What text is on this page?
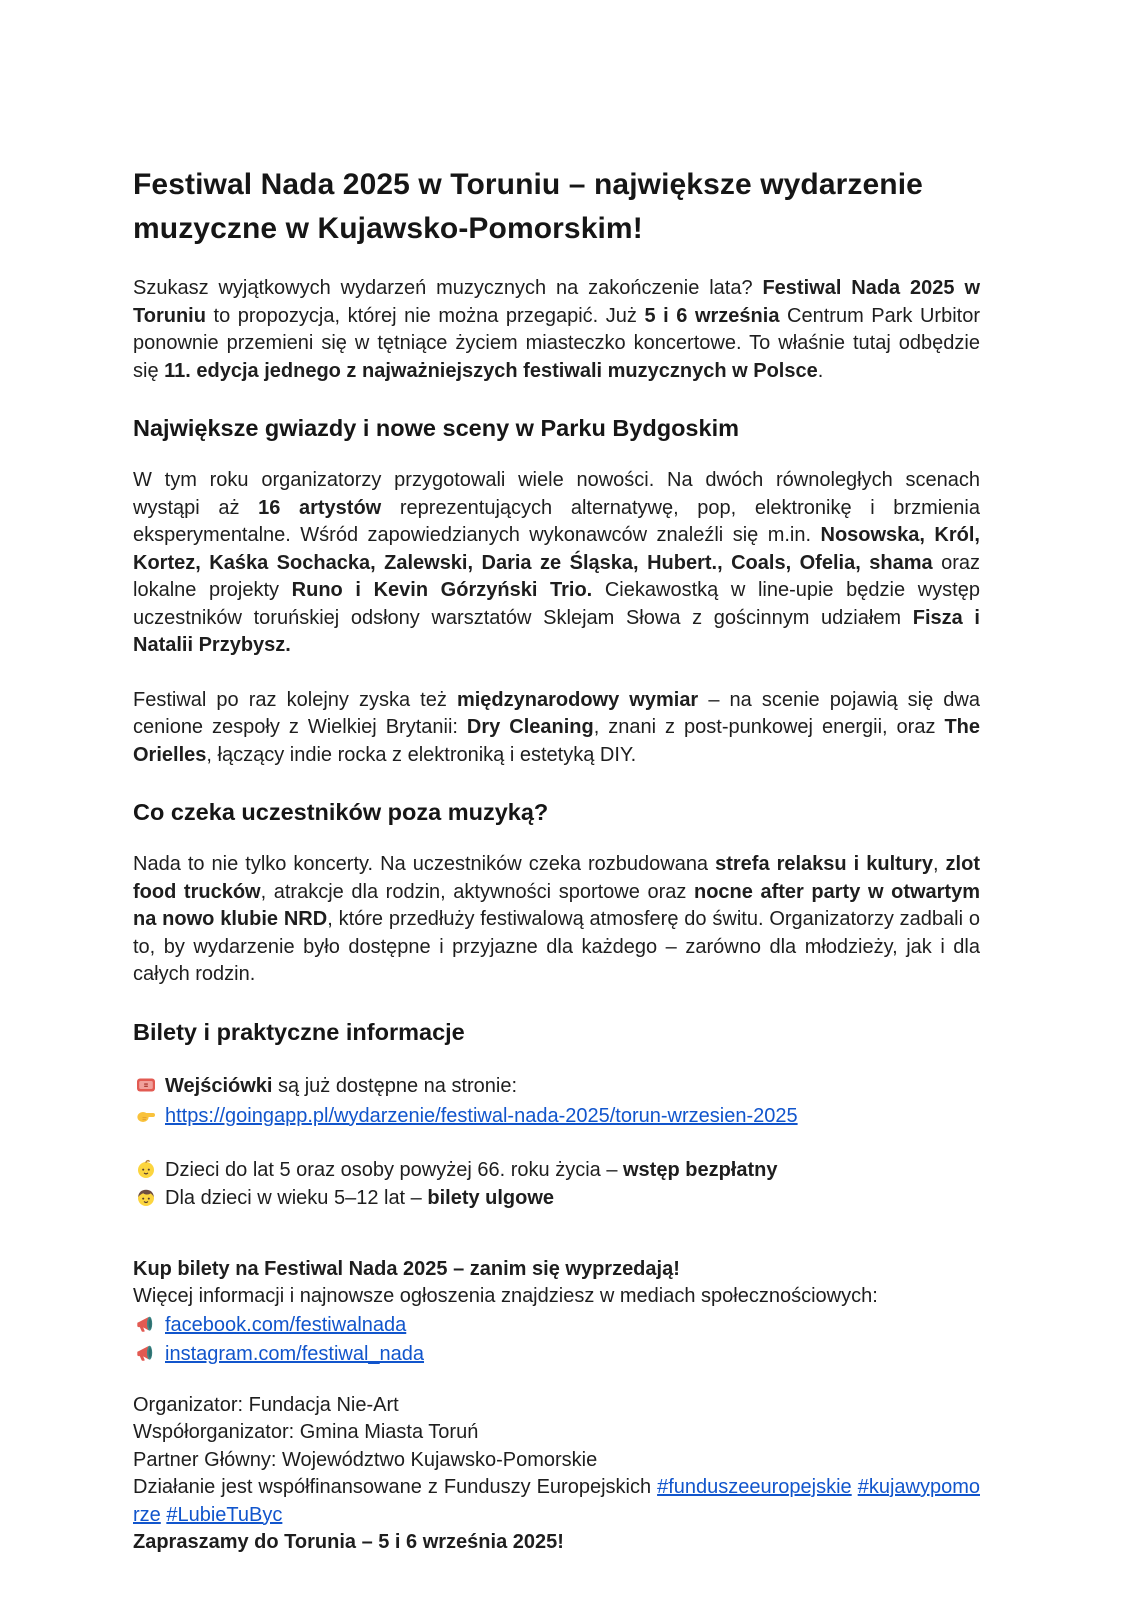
Festiwal Nada 2025 w Toruniu – największe wydarzenie muzyczne w Kujawsko-Pomorskim!

Szukasz wyjątkowych wydarzeń muzycznych na zakończenie lata? Festiwal Nada 2025 w Toruniu to propozycja, której nie można przegapić. Już 5 i 6 września Centrum Park Urbitor ponownie przemieni się w tętniące życiem miasteczko koncertowe. To właśnie tutaj odbędzie się 11. edycja jednego z najważniejszych festiwali muzycznych w Polsce.

Największe gwiazdy i nowe sceny w Parku Bydgoskim

W tym roku organizatorzy przygotowali wiele nowości. Na dwóch równoległych scenach wystąpi aż 16 artystów reprezentujących alternatywę, pop, elektronikę i brzmienia eksperymentalne. Wśród zapowiedzianych wykonawców znaleźli się m.in. Nosowska, Król, Kortez, Kaśka Sochacka, Zalewski, Daria ze Śląska, Hubert., Coals, Ofelia, shama oraz lokalne projekty Runo i Kevin Górzyński Trio. Ciekawostką w line-upie będzie występ uczestników toruńskiej odsłony warsztatów Sklejam Słowa z gościnnym udziałem Fisza i Natalii Przybysz.

Festiwal po raz kolejny zyska też międzynarodowy wymiar – na scenie pojawią się dwa cenione zespoły z Wielkiej Brytanii: Dry Cleaning, znani z post-punkowej energii, oraz The Orielles, łączący indie rocka z elektroniką i estetyką DIY.

Co czeka uczestników poza muzyką?

Nada to nie tylko koncerty. Na uczestników czeka rozbudowana strefa relaksu i kultury, zlot food trucków, atrakcje dla rodzin, aktywności sportowe oraz nocne after party w otwartym na nowo klubie NRD, które przedłuży festiwalową atmosferę do świtu. Organizatorzy zadbali o to, by wydarzenie było dostępne i przyjazne dla każdego – zarówno dla młodzieży, jak i dla całych rodzin.

Bilety i praktyczne informacje

Wejściówki są już dostępne na stronie:

https://goingapp.pl/wydarzenie/festiwal-nada-2025/torun-wrzesien-2025

Dzieci do lat 5 oraz osoby powyżej 66. roku życia – wstęp bezpłatny

Dla dzieci w wieku 5–12 lat – bilety ulgowe

Kup bilety na Festiwal Nada 2025 – zanim się wyprzedają!

Więcej informacji i najnowsze ogłoszenia znajdziesz w mediach społecznościowych:

facebook.com/festiwalnada

instagram.com/festiwal_nada

Organizator: Fundacja Nie-Art

Współorganizator: Gmina Miasta Toruń

Partner Główny: Województwo Kujawsko-Pomorskie

Działanie jest współfinansowane z Funduszy Europejskich #funduszeeuropejskie #kujawypomorze #LubieTuByc

Zapraszamy do Torunia – 5 i 6 września 2025!
